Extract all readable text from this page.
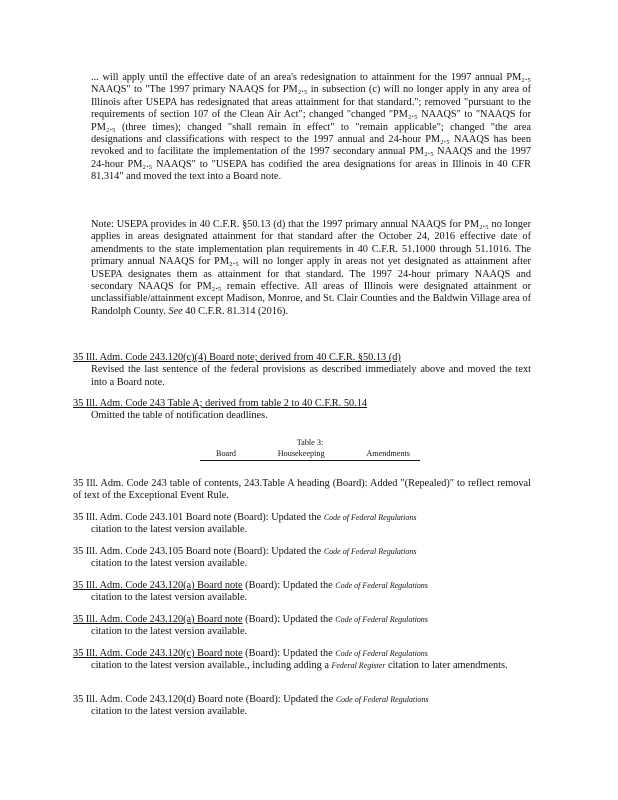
... will apply until the effective date of an area's redesignation to attainment for the 1997 annual PM₂.₅ NAAQS" to "The 1997 primary NAAQS for PM₂.₅ in subsection (c) will no longer apply in any area of Illinois after USEPA has redesignated that areas attainment for that standard."; removed "pursuant to the requirements of section 107 of the Clean Air Act"; changed "changed "PM₂.₅ NAAQS" to "NAAQS for PM₂.₅ (three times); changed "shall remain in effect" to "remain applicable"; changed "the area designations and classifications with respect to the 1997 annual and 24-hour PM₂.₅ NAAQS has been revoked and to facilitate the implementation of the 1997 secondary annual PM₂.₅ NAAQS and the 1997 24-hour PM₂.₅ NAAQS" to "USEPA has codified the area designations for areas in Illinois in 40 CFR 81.314" and moved the text into a Board note.

Note: USEPA provides in 40 C.F.R. §50.13 (d) that the 1997 primary annual NAAQS for PM₂.₅ no longer applies in areas designated attainment for that standard after the October 24, 2016 effective date of amendments to the state implementation plan requirements in 40 C.F.R. 51.1000 through 51.1016. The primary annual NAAQS for PM₂.₅ will no longer apply in areas not yet designated as attainment after USEPA designates them as attainment for that standard. The 1997 24-hour primary NAAQS and secondary NAAQS for PM₂.₅ remain effective. All areas of Illinois were designated attainment or unclassifiable/attainment except Madison, Monroe, and St. Clair Counties and the Baldwin Village area of Randolph County. See 40 C.F.R. 81.314 (2016).

35 Ill. Adm. Code 243.120(c)(4) Board note; derived from 40 C.F.R. §50.13 (d)

Revised the last sentence of the federal provisions as described immediately above and moved the text into a Board note.

35 Ill. Adm. Code 243 Table A; derived from table 2 to 40 C.F.R. 50.14

Omitted the table of notification deadlines.

Table 3:
Board	Housekeeping	Amendments

35 Ill. Adm. Code 243 table of contents, 243.Table A heading (Board): Added "(Repealed)" to reflect removal of text of the Exceptional Event Rule.

35 Ill. Adm. Code 243.101 Board note (Board): Updated the Code of Federal Regulations

citation to the latest version available.

35 Ill. Adm. Code 243.105 Board note (Board): Updated the Code of Federal Regulations

citation to the latest version available.

35 Ill. Adm. Code 243.120(a) Board note (Board): Updated the Code of Federal Regulations

citation to the latest version available.

35 Ill. Adm. Code 243.120(a) Board note (Board): Updated the Code of Federal Regulations

citation to the latest version available.

35 Ill. Adm. Code 243.120(c) Board note (Board): Updated the Code of Federal Regulations

citation to the latest version available., including adding a Federal Register citation to later amendments.

35 Ill. Adm. Code 243.120(d) Board note (Board): Updated the Code of Federal Regulations

citation to the latest version available.
